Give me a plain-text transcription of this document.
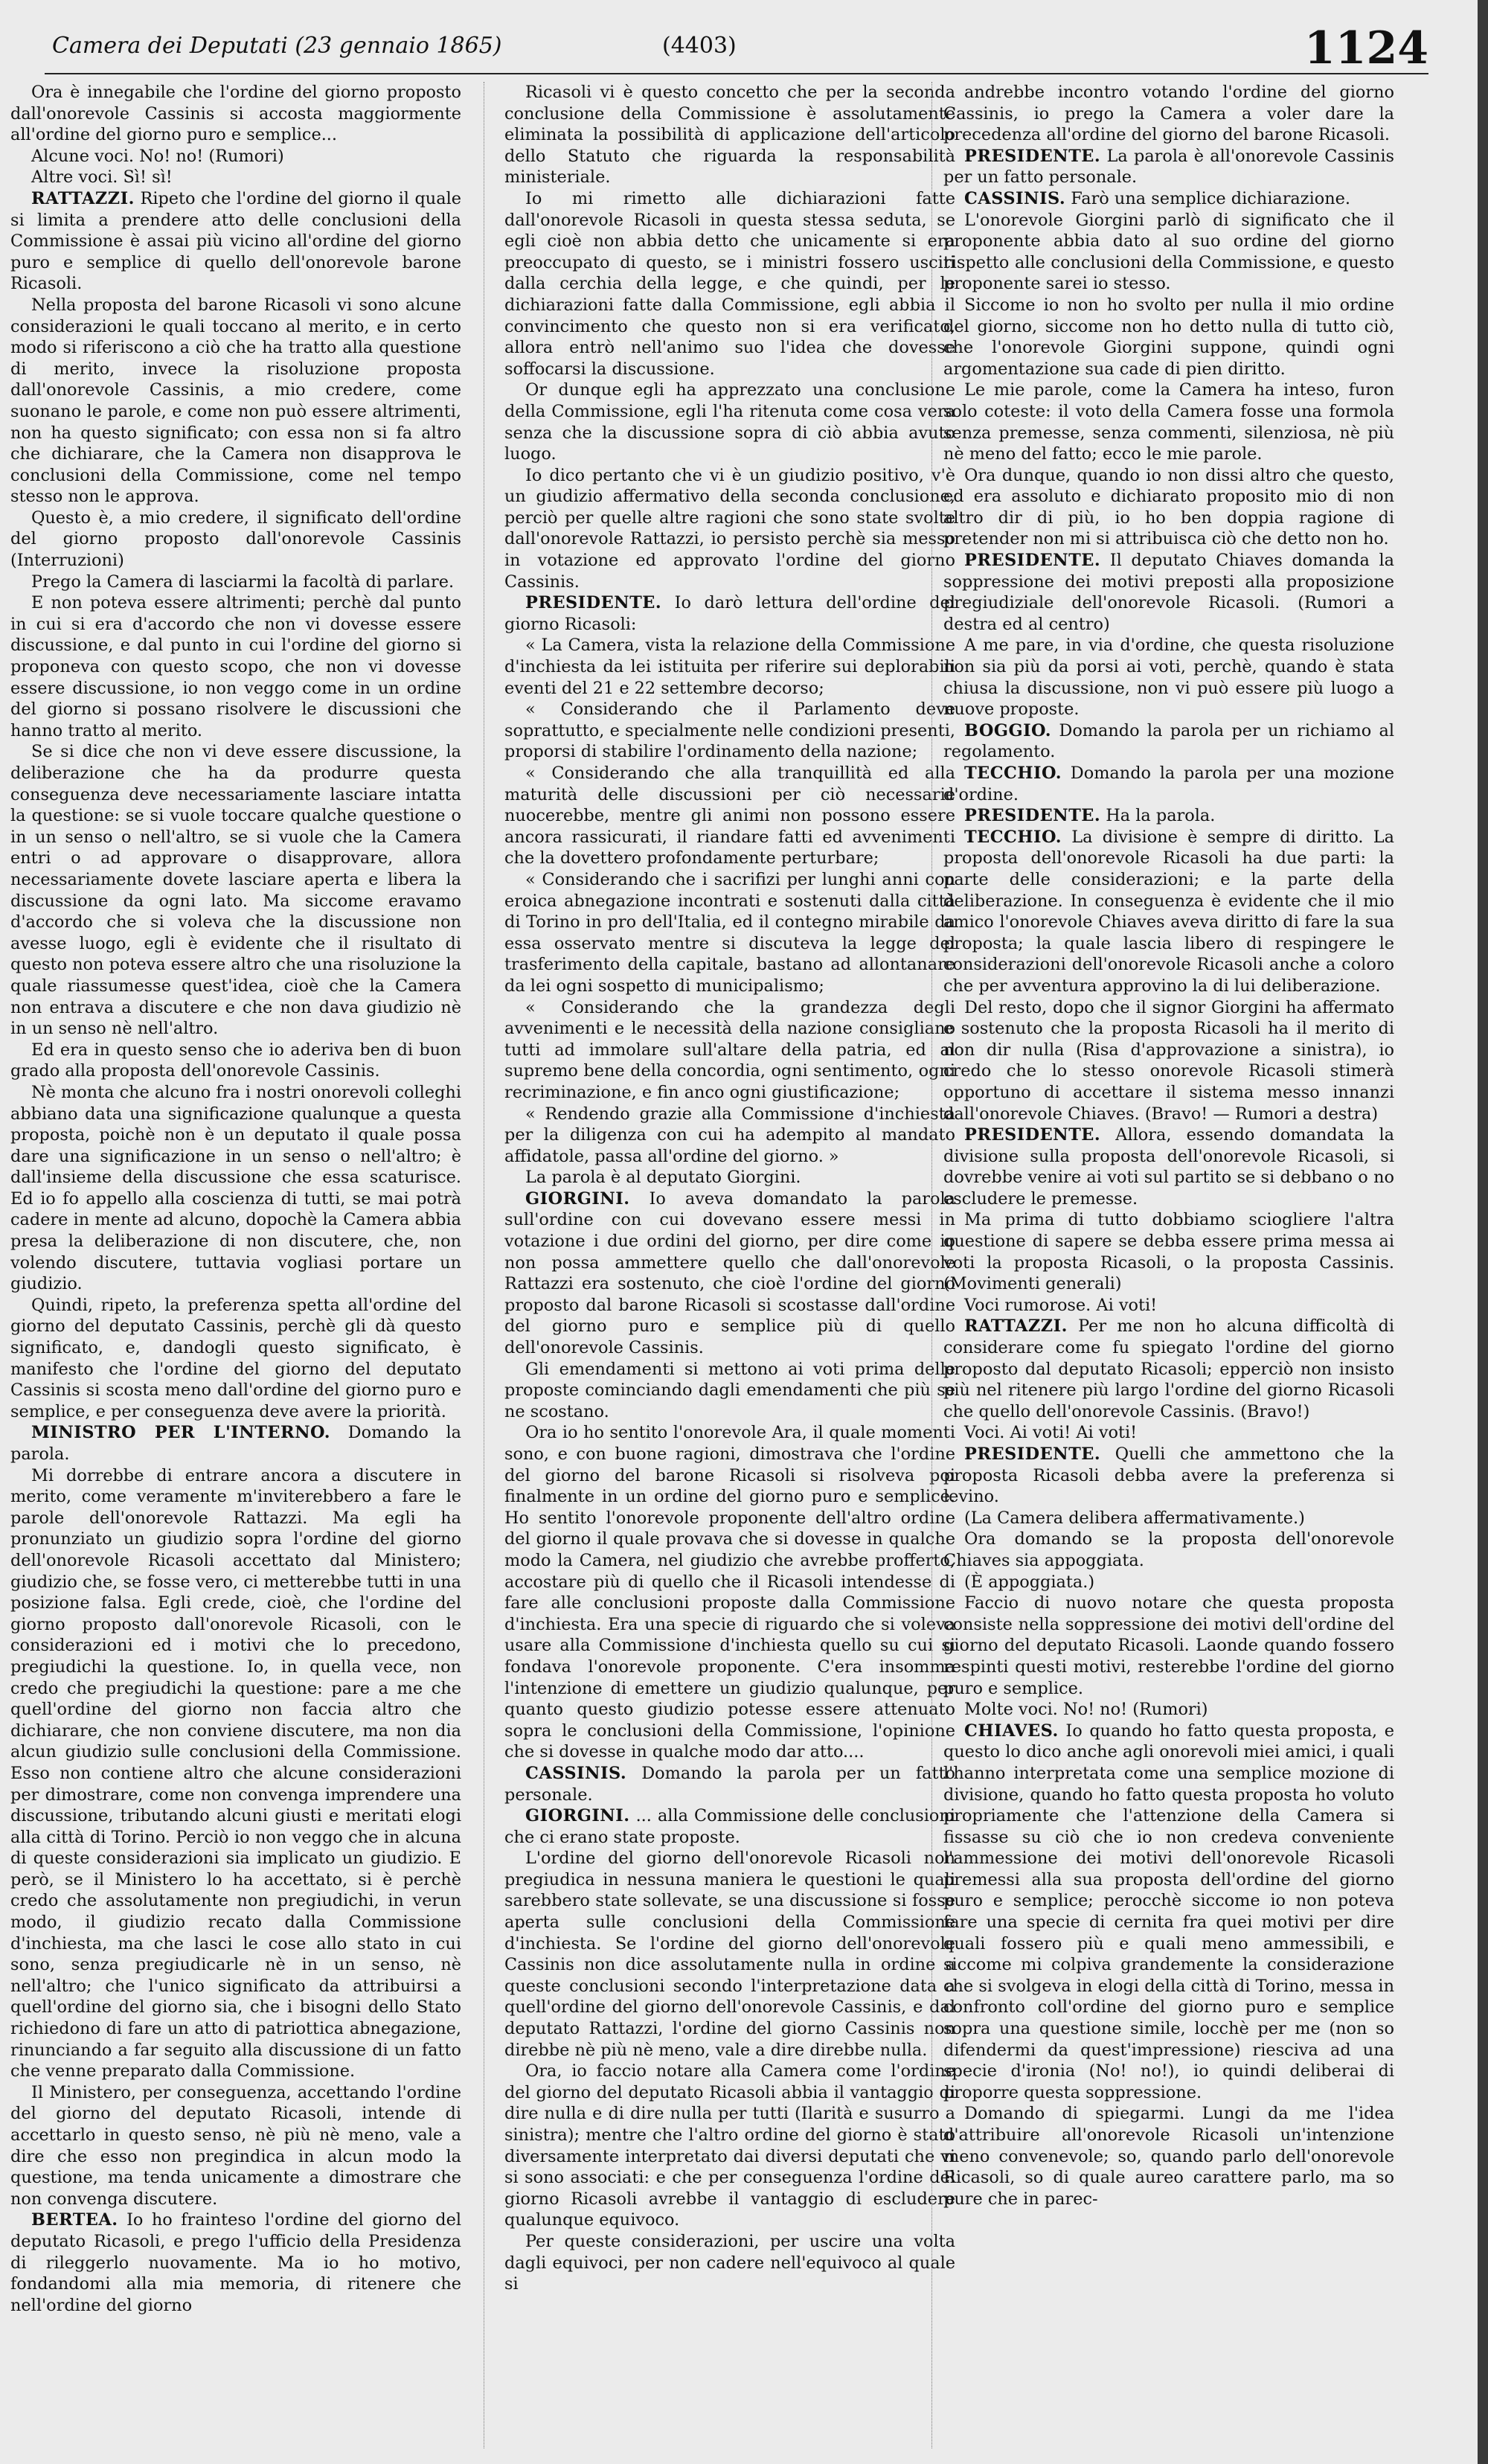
Camera dei Deputati (23 gennaio 1865)	(4403)	1124

Ora è innegabile che l'ordine del giorno proposto dall'onorevole Cassinis si accosta maggiormente all'ordine del giorno puro e semplice...

Alcune voci. No! no! (Rumori)

Altre voci. Sì! sì!

RATTAZZI. Ripeto che l'ordine del giorno il quale si limita a prendere atto delle conclusioni della Commissione è assai più vicino all'ordine del giorno puro e semplice di quello dell'onorevole barone Ricasoli.

Nella proposta del barone Ricasoli vi sono alcune considerazioni le quali toccano al merito, e in certo modo si riferiscono a ciò che ha tratto alla questione di merito, invece la risoluzione proposta dall'onorevole Cassinis, a mio credere, come suonano le parole, e come non può essere altrimenti, non ha questo significato; con essa non si fa altro che dichiarare, che la Camera non disapprova le conclusioni della Commissione, come nel tempo stesso non le approva.

Questo è, a mio credere, il significato dell'ordine del giorno proposto dall'onorevole Cassinis (Interruzioni)

Prego la Camera di lasciarmi la facoltà di parlare.

E non poteva essere altrimenti; perchè dal punto in cui si era d'accordo che non vi dovesse essere discussione, e dal punto in cui l'ordine del giorno si proponeva con questo scopo, che non vi dovesse essere discussione, io non veggo come in un ordine del giorno si possano risolvere le discussioni che hanno tratto al merito.

Se si dice che non vi deve essere discussione, la deliberazione che ha da produrre questa conseguenza deve necessariamente lasciare intatta la questione: se si vuole toccare qualche questione o in un senso o nell'altro, se si vuole che la Camera entri o ad approvare o disapprovare, allora necessariamente dovete lasciare aperta e libera la discussione da ogni lato. Ma siccome eravamo d'accordo che si voleva che la discussione non avesse luogo, egli è evidente che il risultato di questo non poteva essere altro che una risoluzione la quale riassumesse quest'idea, cioè che la Camera non entrava a discutere e che non dava giudizio nè in un senso nè nell'altro.

Ed era in questo senso che io aderiva ben di buon grado alla proposta dell'onorevole Cassinis.

Nè monta che alcuno fra i nostri onorevoli colleghi abbiano data una significazione qualunque a questa proposta, poichè non è un deputato il quale possa dare una significazione in un senso o nell'altro; è dall'insieme della discussione che essa scaturisce. Ed io fo appello alla coscienza di tutti, se mai potrà cadere in mente ad alcuno, dopochè la Camera abbia presa la deliberazione di non discutere, che, non volendo discutere, tuttavia vogliasi portare un giudizio.

Quindi, ripeto, la preferenza spetta all'ordine del giorno del deputato Cassinis, perchè gli dà questo significato, e, dandogli questo significato, è manifesto che l'ordine del giorno del deputato Cassinis si scosta meno dall'ordine del giorno puro e semplice, e per conseguenza deve avere la priorità.

MINISTRO PER L'INTERNO. Domando la parola.

Mi dorrebbe di entrare ancora a discutere in merito, come veramente m'inviterebbero a fare le parole dell'onorevole Rattazzi. Ma egli ha pronunziato un giudizio sopra l'ordine del giorno dell'onorevole Ricasoli accettato dal Ministero; giudizio che, se fosse vero, ci metterebbe tutti in una posizione falsa. Egli crede, cioè, che l'ordine del giorno proposto dall'onorevole Ricasoli, con le considerazioni ed i motivi che lo precedono, pregiudichi la questione. Io, in quella vece, non credo che pregiudichi la questione: pare a me che quell'ordine del giorno non faccia altro che dichiarare, che non conviene discutere, ma non dia alcun giudizio sulle conclusioni della Commissione. Esso non contiene altro che alcune considerazioni per dimostrare, come non convenga imprendere una discussione, tributando alcuni giusti e meritati elogi alla città di Torino. Perciò io non veggo che in alcuna di queste considerazioni sia implicato un giudizio. E però, se il Ministero lo ha accettato, si è perchè credo che assolutamente non pregiudichi, in verun modo, il giudizio recato dalla Commissione d'inchiesta, ma che lasci le cose allo stato in cui sono, senza pregiudicarle nè in un senso, nè nell'altro; che l'unico significato da attribuirsi a quell'ordine del giorno sia, che i bisogni dello Stato richiedono di fare un atto di patriottica abnegazione, rinunciando a far seguito alla discussione di un fatto che venne preparato dalla Commissione.

Il Ministero, per conseguenza, accettando l'ordine del giorno del deputato Ricasoli, intende di accettarlo in questo senso, nè più nè meno, vale a dire che esso non pregindica in alcun modo la questione, ma tenda unicamente a dimostrare che non convenga discutere.

BERTEA. Io ho frainteso l'ordine del giorno del deputato Ricasoli, e prego l'ufficio della Presidenza di rileggerlo nuovamente. Ma io ho motivo, fondandomi alla mia memoria, di ritenere che nell'ordine del giorno

Ricasoli vi è questo concetto che per la seconda conclusione della Commissione è assolutamente eliminata la possibilità di applicazione dell'articolo dello Statuto che riguarda la responsabilità ministeriale.

Io mi rimetto alle dichiarazioni fatte dall'onorevole Ricasoli in questa stessa seduta, se egli cioè non abbia detto che unicamente si era preoccupato di questo, se i ministri fossero usciti dalla cerchia della legge, e che quindi, per le dichiarazioni fatte dalla Commissione, egli abbia il convincimento che questo non si era verificato, allora entrò nell'animo suo l'idea che dovesse soffocarsi la discussione.

Or dunque egli ha apprezzato una conclusione della Commissione, egli l'ha ritenuta come cosa vera senza che la discussione sopra di ciò abbia avuto luogo.

Io dico pertanto che vi è un giudizio positivo, v'è un giudizio affermativo della seconda conclusione, perciò per quelle altre ragioni che sono state svolte dall'onorevole Rattazzi, io persisto perchè sia messo in votazione ed approvato l'ordine del giorno Cassinis.

PRESIDENTE. Io darò lettura dell'ordine del giorno Ricasoli:

« La Camera, vista la relazione della Commissione d'inchiesta da lei istituita per riferire sui deplorabili eventi del 21 e 22 settembre decorso;

« Considerando che il Parlamento deve soprattutto, e specialmente nelle condizioni presenti, proporsi di stabilire l'ordinamento della nazione;

« Considerando che alla tranquillità ed alla maturità delle discussioni per ciò necessarie nuocerebbe, mentre gli animi non possono essere ancora rassicurati, il riandare fatti ed avvenimenti che la dovettero profondamente perturbare;

« Considerando che i sacrifizi per lunghi anni con eroica abnegazione incontrati e sostenuti dalla città di Torino in pro dell'Italia, ed il contegno mirabile da essa osservato mentre si discuteva la legge del trasferimento della capitale, bastano ad allontanare da lei ogni sospetto di municipalismo;

« Considerando che la grandezza degli avvenimenti e le necessità della nazione consigliano tutti ad immolare sull'altare della patria, ed al supremo bene della concordia, ogni sentimento, ogni recriminazione, e fin anco ogni giustificazione;

« Rendendo grazie alla Commissione d'inchiesta per la diligenza con cui ha adempito al mandato affidatole, passa all'ordine del giorno. »

La parola è al deputato Giorgini.

GIORGINI. Io aveva domandato la parola sull'ordine con cui dovevano essere messi in votazione i due ordini del giorno, per dire come io non possa ammettere quello che dall'onorevole Rattazzi era sostenuto, che cioè l'ordine del giorno proposto dal barone Ricasoli si scostasse dall'ordine del giorno puro e semplice più di quello dell'onorevole Cassinis.

Gli emendamenti si mettono ai voti prima delle proposte cominciando dagli emendamenti che più se ne scostano.

Ora io ho sentito l'onorevole Ara, il quale momenti sono, e con buone ragioni, dimostrava che l'ordine del giorno del barone Ricasoli si risolveva poi finalmente in un ordine del giorno puro e semplice. Ho sentito l'onorevole proponente dell'altro ordine del giorno il quale provava che si dovesse in qualche modo la Camera, nel giudizio che avrebbe profferto, accostare più di quello che il Ricasoli intendesse di fare alle conclusioni proposte dalla Commissione d'inchiesta. Era una specie di riguardo che si voleva usare alla Commissione d'inchiesta quello su cui si fondava l'onorevole proponente. C'era insomma l'intenzione di emettere un giudizio qualunque, per quanto questo giudizio potesse essere attenuato sopra le conclusioni della Commissione, l'opinione che si dovesse in qualche modo dar atto....

CASSINIS. Domando la parola per un fatto personale.

GIORGINI. ... alla Commissione delle conclusioni che ci erano state proposte.

L'ordine del giorno dell'onorevole Ricasoli non pregiudica in nessuna maniera le questioni le quali sarebbero state sollevate, se una discussione si fosse aperta sulle conclusioni della Commissione d'inchiesta. Se l'ordine del giorno dell'onorevole Cassinis non dice assolutamente nulla in ordine a queste conclusioni secondo l'interpretazione data a quell'ordine del giorno dell'onorevole Cassinis, e dal deputato Rattazzi, l'ordine del giorno Cassinis non direbbe nè più nè meno, vale a dire direbbe nulla.

Ora, io faccio notare alla Camera come l'ordine del giorno del deputato Ricasoli abbia il vantaggio di dire nulla e di dire nulla per tutti (Ilarità e susurro a sinistra); mentre che l'altro ordine del giorno è stato diversamente interpretato dai diversi deputati che vi si sono associati: e che per conseguenza l'ordine del giorno Ricasoli avrebbe il vantaggio di escludere qualunque equivoco.

Per queste considerazioni, per uscire una volta dagli equivoci, per non cadere nell'equivoco al quale si

andrebbe incontro votando l'ordine del giorno Cassinis, io prego la Camera a voler dare la precedenza all'ordine del giorno del barone Ricasoli.

PRESIDENTE. La parola è all'onorevole Cassinis per un fatto personale.

CASSINIS. Farò una semplice dichiarazione.

L'onorevole Giorgini parlò di significato che il proponente abbia dato al suo ordine del giorno rispetto alle conclusioni della Commissione, e questo proponente sarei io stesso.

Siccome io non ho svolto per nulla il mio ordine del giorno, siccome non ho detto nulla di tutto ciò, che l'onorevole Giorgini suppone, quindi ogni argomentazione sua cade di pien diritto.

Le mie parole, come la Camera ha inteso, furon solo coteste: il voto della Camera fosse una formola senza premesse, senza commenti, silenziosa, nè più nè meno del fatto; ecco le mie parole.

Ora dunque, quando io non dissi altro che questo, ed era assoluto e dichiarato proposito mio di non altro dir di più, io ho ben doppia ragione di pretender non mi si attribuisca ciò che detto non ho.

PRESIDENTE. Il deputato Chiaves domanda la soppressione dei motivi preposti alla proposizione pregiudiziale dell'onorevole Ricasoli. (Rumori a destra ed al centro)

A me pare, in via d'ordine, che questa risoluzione non sia più da porsi ai voti, perchè, quando è stata chiusa la discussione, non vi può essere più luogo a nuove proposte.

BOGGIO. Domando la parola per un richiamo al regolamento.

TECCHIO. Domando la parola per una mozione d'ordine.

PRESIDENTE. Ha la parola.

TECCHIO. La divisione è sempre di diritto. La proposta dell'onorevole Ricasoli ha due parti: la parte delle considerazioni; e la parte della deliberazione. In conseguenza è evidente che il mio amico l'onorevole Chiaves aveva diritto di fare la sua proposta; la quale lascia libero di respingere le considerazioni dell'onorevole Ricasoli anche a coloro che per avventura approvino la di lui deliberazione.

Del resto, dopo che il signor Giorgini ha affermato e sostenuto che la proposta Ricasoli ha il merito di non dir nulla (Risa d'approvazione a sinistra), io credo che lo stesso onorevole Ricasoli stimerà opportuno di accettare il sistema messo innanzi dall'onorevole Chiaves. (Bravo! — Rumori a destra)

PRESIDENTE. Allora, essendo domandata la divisione sulla proposta dell'onorevole Ricasoli, si dovrebbe venire ai voti sul partito se si debbano o no escludere le premesse.

Ma prima di tutto dobbiamo sciogliere l'altra questione di sapere se debba essere prima messa ai voti la proposta Ricasoli, o la proposta Cassinis. (Movimenti generali)

Voci rumorose. Ai voti!

RATTAZZI. Per me non ho alcuna difficoltà di considerare come fu spiegato l'ordine del giorno proposto dal deputato Ricasoli; epperciò non insisto più nel ritenere più largo l'ordine del giorno Ricasoli che quello dell'onorevole Cassinis. (Bravo!)

Voci. Ai voti! Ai voti!

PRESIDENTE. Quelli che ammettono che la proposta Ricasoli debba avere la preferenza si levino.

(La Camera delibera affermativamente.)

Ora domando se la proposta dell'onorevole Chiaves sia appoggiata.

(È appoggiata.)

Faccio di nuovo notare che questa proposta consiste nella soppressione dei motivi dell'ordine del giorno del deputato Ricasoli. Laonde quando fossero respinti questi motivi, resterebbe l'ordine del giorno puro e semplice.

Molte voci. No! no! (Rumori)

CHIAVES. Io quando ho fatto questa proposta, e questo lo dico anche agli onorevoli miei amici, i quali l'hanno interpretata come una semplice mozione di divisione, quando ho fatto questa proposta ho voluto propriamente che l'attenzione della Camera si fissasse su ciò che io non credeva conveniente l'ammessione dei motivi dell'onorevole Ricasoli premessi alla sua proposta dell'ordine del giorno puro e semplice; perocchè siccome io non poteva fare una specie di cernita fra quei motivi per dire quali fossero più e quali meno ammessibili, e siccome mi colpiva grandemente la considerazione che si svolgeva in elogi della città di Torino, messa in confronto coll'ordine del giorno puro e semplice sopra una questione simile, locchè per me (non so difendermi da quest'impressione) riesciva ad una specie d'ironia (No! no!), io quindi deliberai di proporre questa soppressione.

Domando di spiegarmi. Lungi da me l'idea d'attribuire all'onorevole Ricasoli un'intenzione meno convenevole; so, quando parlo dell'onorevole Ricasoli, so di quale aureo carattere parlo, ma so pure che in parec-
